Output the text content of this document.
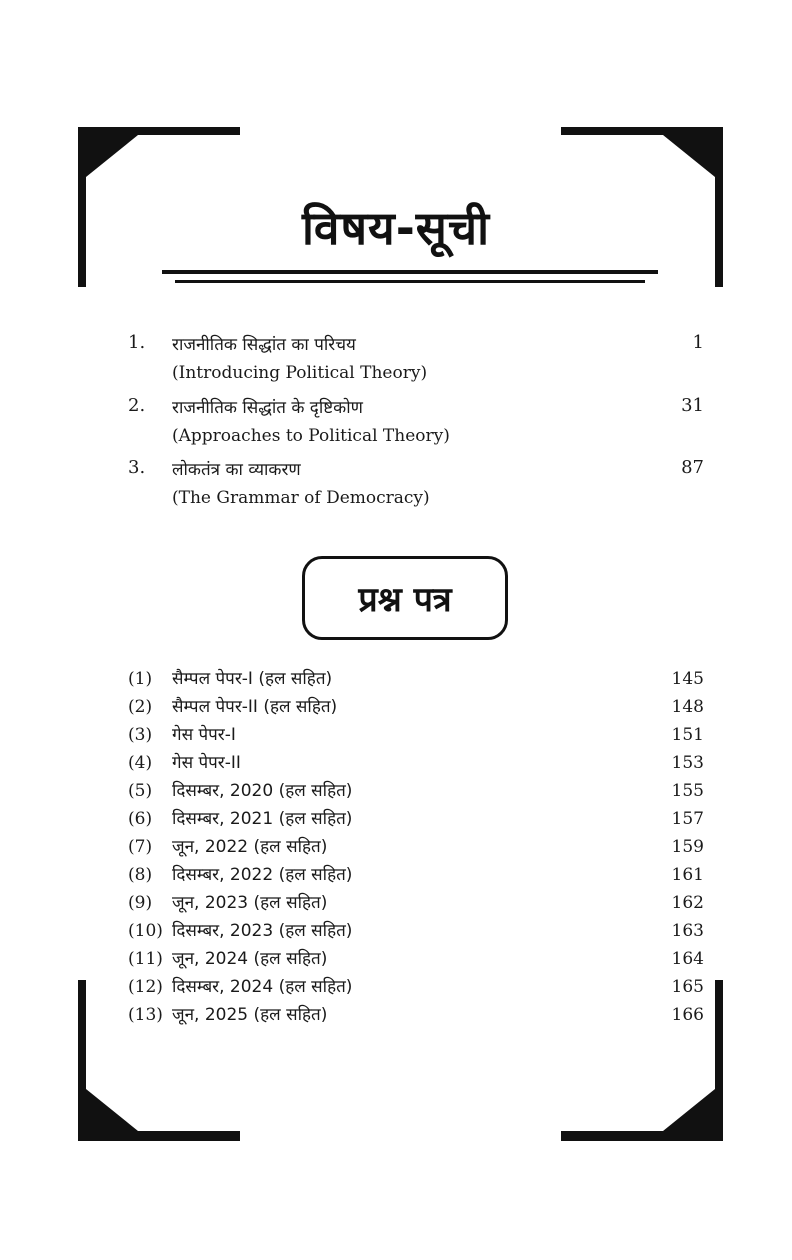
विषय-सूची
1. राजनीतिक सिद्धांत का परिचय	1
(Introducing Political Theory)
2. राजनीतिक सिद्धांत के दृष्टिकोण	31
(Approaches to Political Theory)
3. लोकतंत्र का व्याकरण	87
(The Grammar of Democracy)
प्रश्न पत्र
(1) सैम्पल पेपर-I (हल सहित)	145
(2) सैम्पल पेपर-II (हल सहित)	148
(3) गेस पेपर-I	151
(4) गेस पेपर-II	153
(5) दिसम्बर, 2020 (हल सहित)	155
(6) दिसम्बर, 2021 (हल सहित)	157
(7) जून, 2022 (हल सहित)	159
(8) दिसम्बर, 2022 (हल सहित)	161
(9) जून, 2023 (हल सहित)	162
(10) दिसम्बर, 2023 (हल सहित)	163
(11) जून, 2024 (हल सहित)	164
(12) दिसम्बर, 2024 (हल सहित)	165
(13) जून, 2025 (हल सहित)	166
